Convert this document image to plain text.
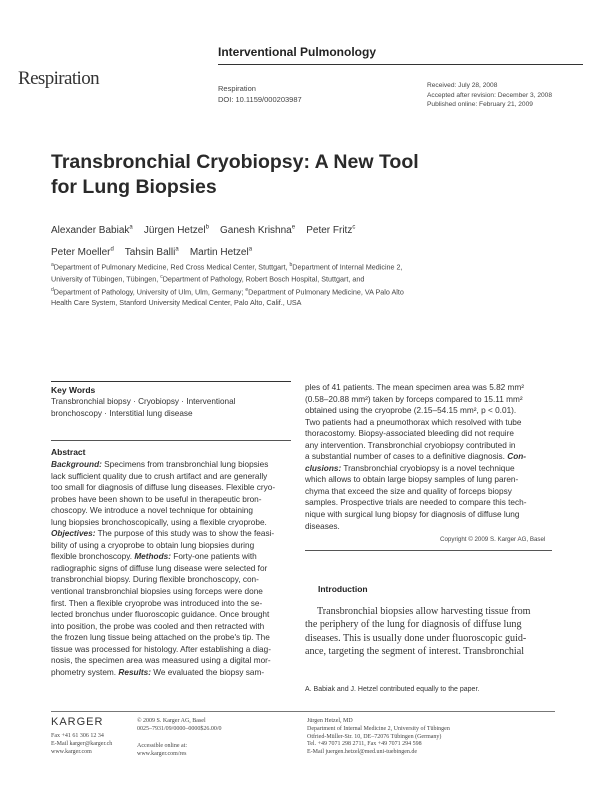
Respiration
Interventional Pulmonology
Respiration
DOI: 10.1159/000203987
Received: July 28, 2008
Accepted after revision: December 3, 2008
Published online: February 21, 2009
Transbronchial Cryobiopsy: A New Tool
for Lung Biopsies
Alexander Babiak$^a$ Jürgen Hetzel$^b$ Ganesh Krishna$^e$ Peter Fritz$^c$
Peter Moeller$^d$ Tahsin Balli$^a$ Martin Hetzel$^a$
$^a$Department of Pulmonary Medicine, Red Cross Medical Center, Stuttgart, $^b$Department of Internal Medicine 2,
University of Tübingen, Tübingen, $^c$Department of Pathology, Robert Bosch Hospital, Stuttgart, and
$^d$Department of Pathology, University of Ulm, Ulm, Germany; $^e$Department of Pulmonary Medicine, VA Palo Alto
Health Care System, Stanford University Medical Center, Palo Alto, Calif., USA
Key Words
Transbronchial biopsy · Cryobiopsy · Interventional
bronchoscopy · Interstitial lung disease
Abstract
Background: Specimens from transbronchial lung biopsies
lack sufficient quality due to crush artifact and are generally
too small for diagnosis of diffuse lung diseases. Flexible cryo-
probes have been shown to be useful in therapeutic bron-
choscopy. We introduce a novel technique for obtaining
lung biopsies bronchoscopically, using a flexible cryoprobe.
Objectives: The purpose of this study was to show the feasi-
bility of using a cryoprobe to obtain lung biopsies during
flexible bronchoscopy. Methods: Forty-one patients with
radiographic signs of diffuse lung disease were selected for
transbronchial biopsy. During flexible bronchoscopy, con-
ventional transbronchial biopsies using forceps were done
first. Then a flexible cryoprobe was introduced into the se-
lected bronchus under fluoroscopic guidance. Once brought
into position, the probe was cooled and then retracted with
the frozen lung tissue being attached on the probe's tip. The
tissue was processed for histology. After establishing a diag-
nosis, the specimen area was measured using a digital mor-
phometry system. Results: We evaluated the biopsy sam-
ples of 41 patients. The mean specimen area was 5.82 mm²
(0.58–20.88 mm²) taken by forceps compared to 15.11 mm²
obtained using the cryoprobe (2.15–54.15 mm², p < 0.01).
Two patients had a pneumothorax which resolved with tube
thoracostomy. Biopsy-associated bleeding did not require
any intervention. Transbronchial cryobiopsy contributed in
a substantial number of cases to a definitive diagnosis. Con-
clusions: Transbronchial cryobiopsy is a novel technique
which allows to obtain large biopsy samples of lung paren-
chyma that exceed the size and quality of forceps biopsy
samples. Prospective trials are needed to compare this tech-
nique with surgical lung biopsy for diagnosis of diffuse lung
diseases.
Copyright © 2009 S. Karger AG, Basel
Introduction
Transbronchial biopsies allow harvesting tissue from
the periphery of the lung for diagnosis of diffuse lung
diseases. This is usually done under fluoroscopic guid-
ance, targeting the segment of interest. Transbronchial
A. Babiak and J. Hetzel contributed equally to the paper.
KARGER
Fax +41 61 306 12 34
E-Mail karger@karger.ch
www.karger.com
© 2009 S. Karger AG, Basel
0025–7931/09/0000–0000$26.00/0
Accessible online at:
www.karger.com/res
Jürgen Hetzel, MD
Department of Internal Medicine 2, University of Tübingen
Otfried-Müller-Str. 10, DE–72076 Tübingen (Germany)
Tel. +49 7071 298 2711, Fax +49 7071 294 598
E-Mail juergen.hetzel@med.uni-tuebingen.de
